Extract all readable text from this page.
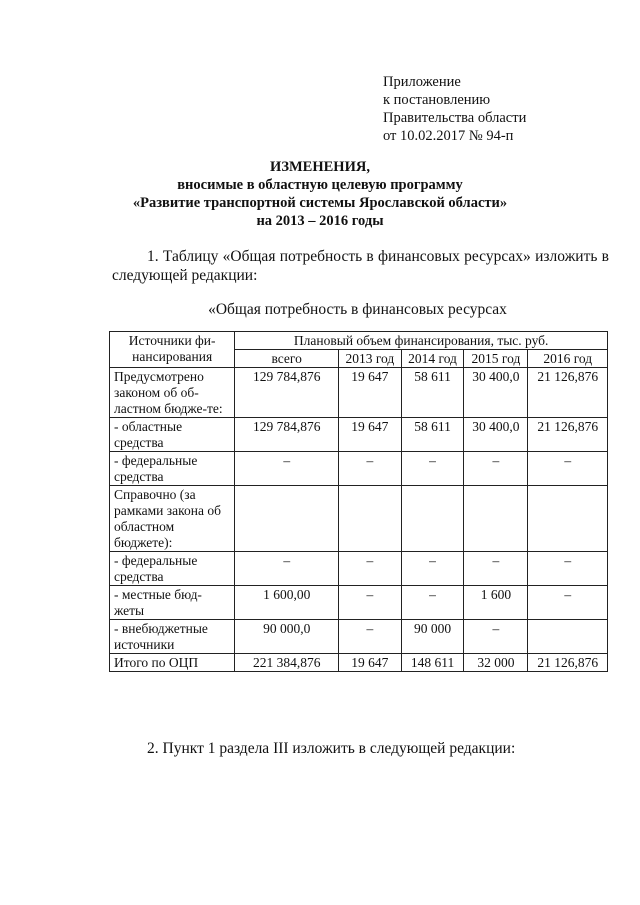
Приложение
к постановлению
Правительства области
от 10.02.2017 № 94-п
ИЗМЕНЕНИЯ,
вносимые в областную целевую программу
«Развитие транспортной системы Ярославской области»
на 2013 – 2016 годы
1. Таблицу «Общая потребность в финансовых ресурсах» изложить в
следующей редакции:
«Общая потребность в финансовых ресурсах
Источники фи-нансирования	Плановый объем финансирования, тыс. руб.				
	всего	2013 год	2014 год	2015 год	2016 год
Предусмотрено законом об об-ластном бюдже-те:	129 784,876	19 647	58 611	30 400,0	21 126,876
- областные средства	129 784,876	19 647	58 611	30 400,0	21 126,876
- федеральные средства	–	–	–	–	–
Справочно (за рамками закона об областном бюджете):					
- федеральные средства	–	–	–	–	–
- местные бюд-жеты	1 600,00	–	–	1 600	–
- внебюджетные источники	90 000,0	–	90 000	–	
Итого по ОЦП	221 384,876	19 647	148 611	32 000	21 126,876
2. Пункт 1 раздела III изложить в следующей редакции:
